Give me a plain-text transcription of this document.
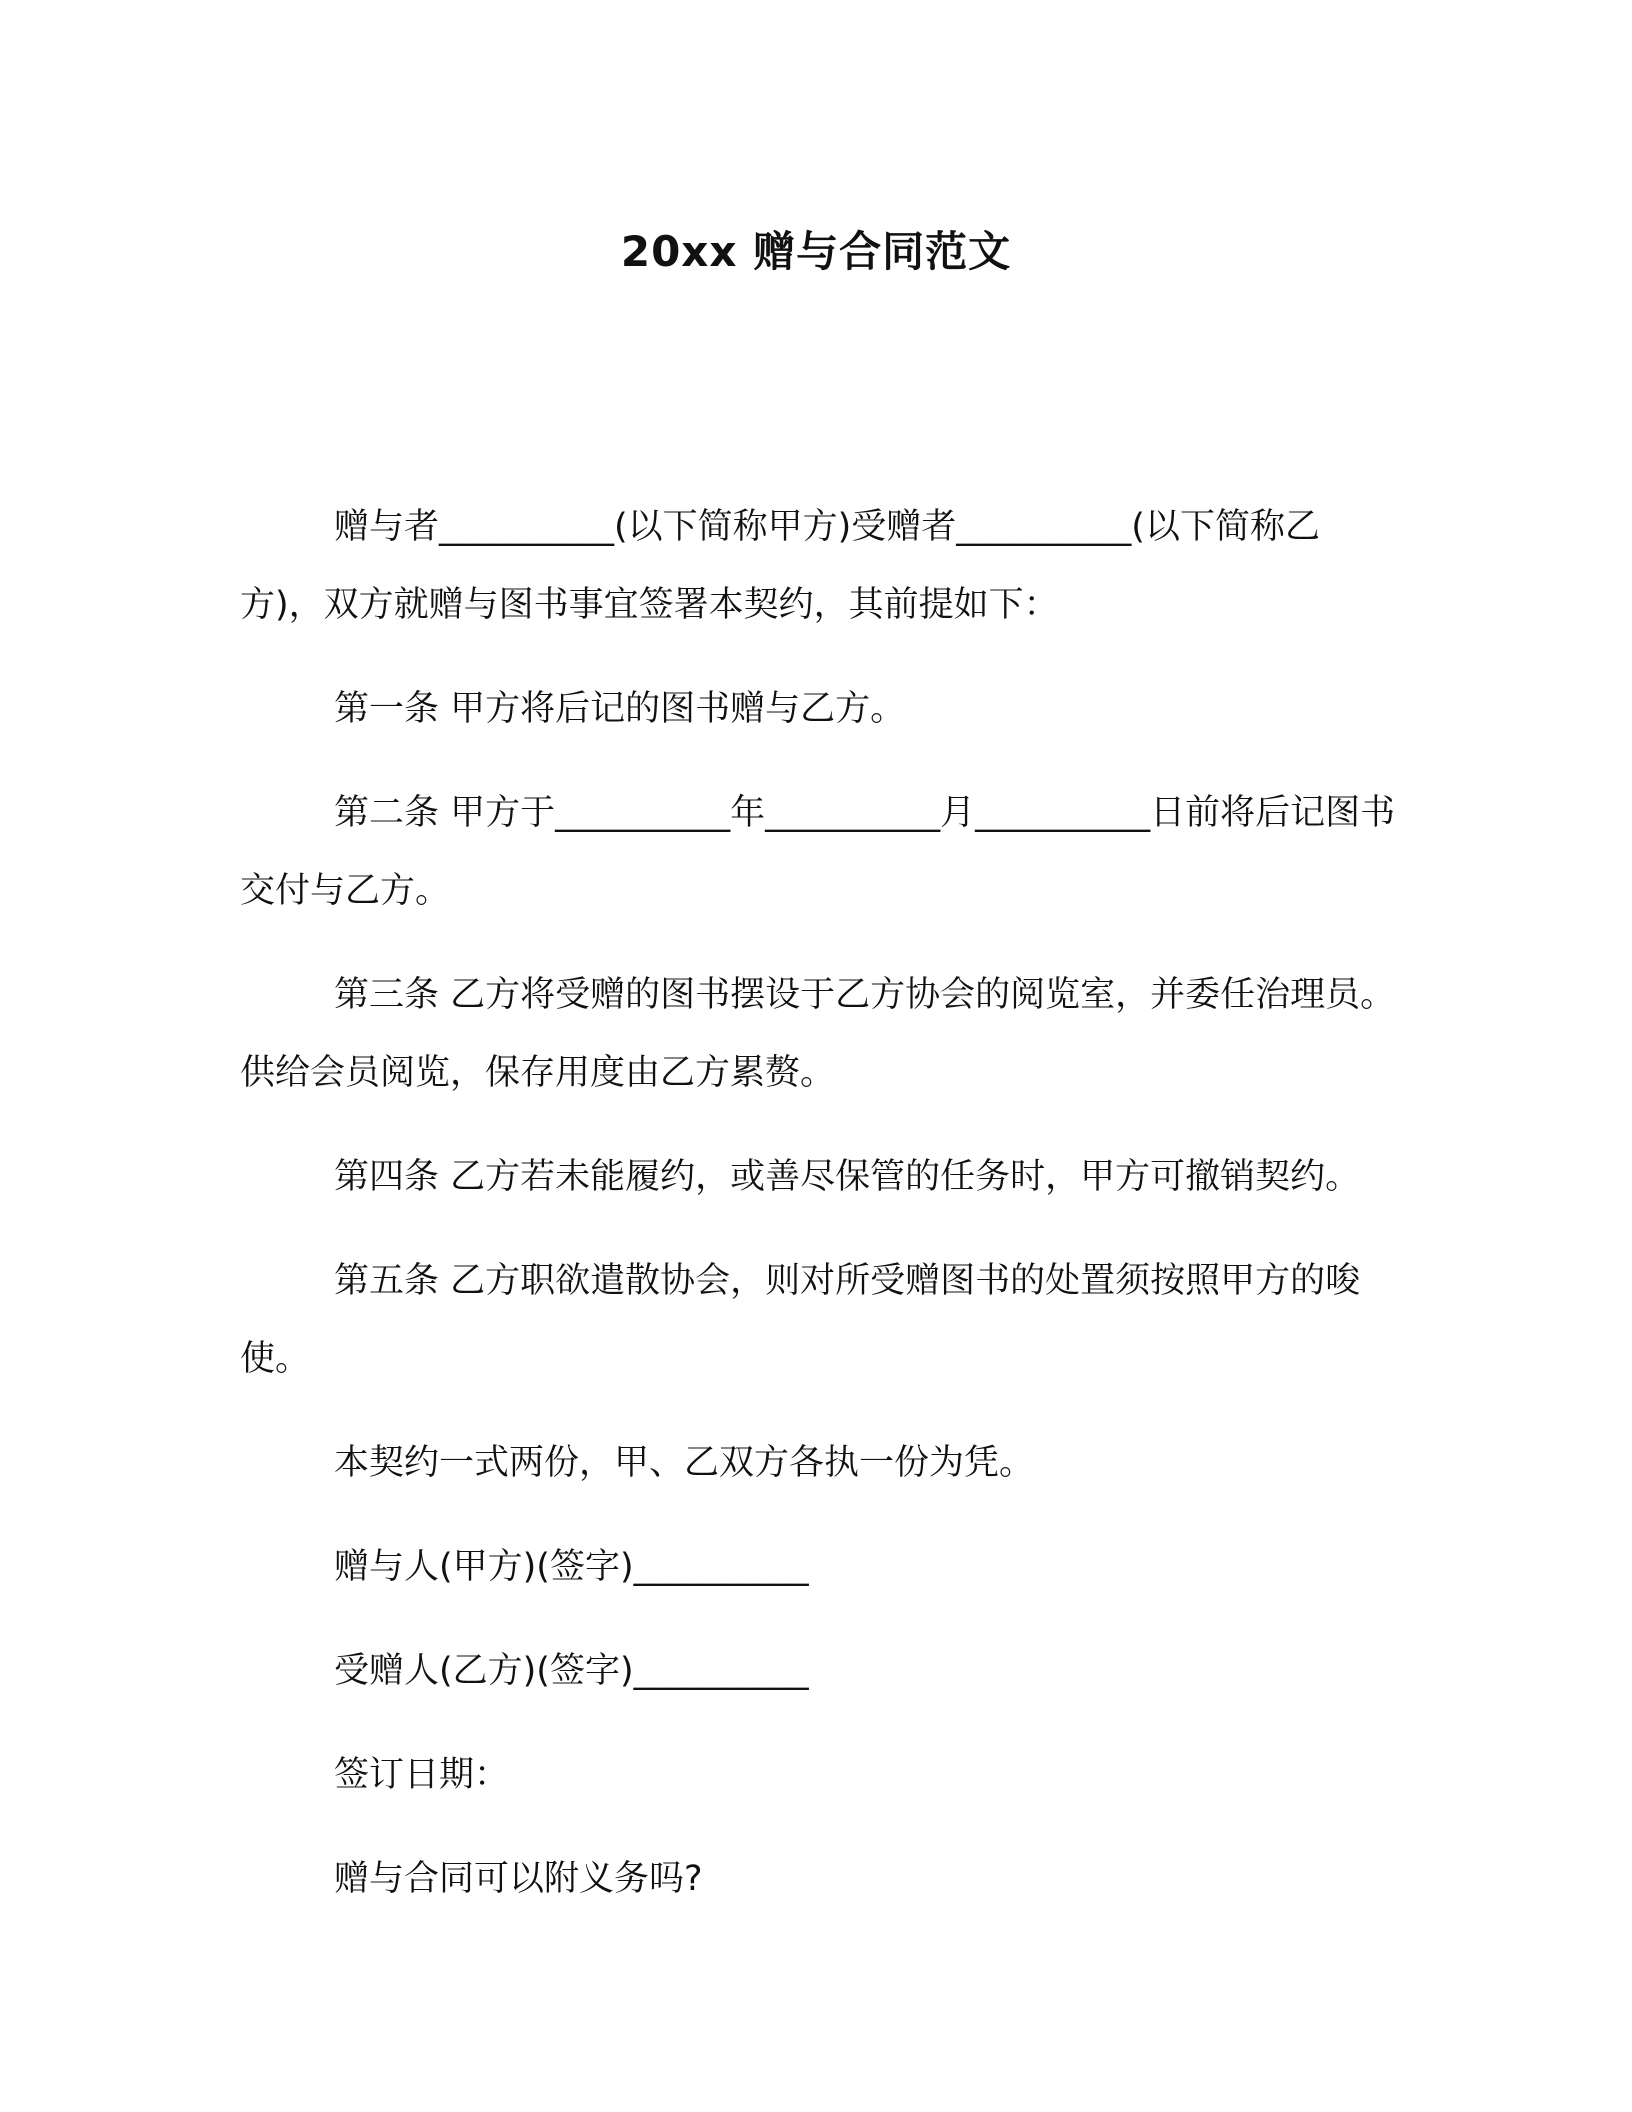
20xx 赠与合同范文

赠与者__________(以下简称甲方)受赠者__________(以下简称乙方)，双方就赠与图书事宜签署本契约，其前提如下：

第一条 甲方将后记的图书赠与乙方。

第二条 甲方于__________年__________月__________日前将后记图书交付与乙方。

第三条 乙方将受赠的图书摆设于乙方协会的阅览室，并委任治理员。供给会员阅览，保存用度由乙方累赘。

第四条 乙方若未能履约，或善尽保管的任务时，甲方可撤销契约。

第五条 乙方职欲遣散协会，则对所受赠图书的处置须按照甲方的唆使。

本契约一式两份，甲、乙双方各执一份为凭。

赠与人(甲方)(签字)__________

受赠人(乙方)(签字)__________

签订日期：

赠与合同可以附义务吗?
